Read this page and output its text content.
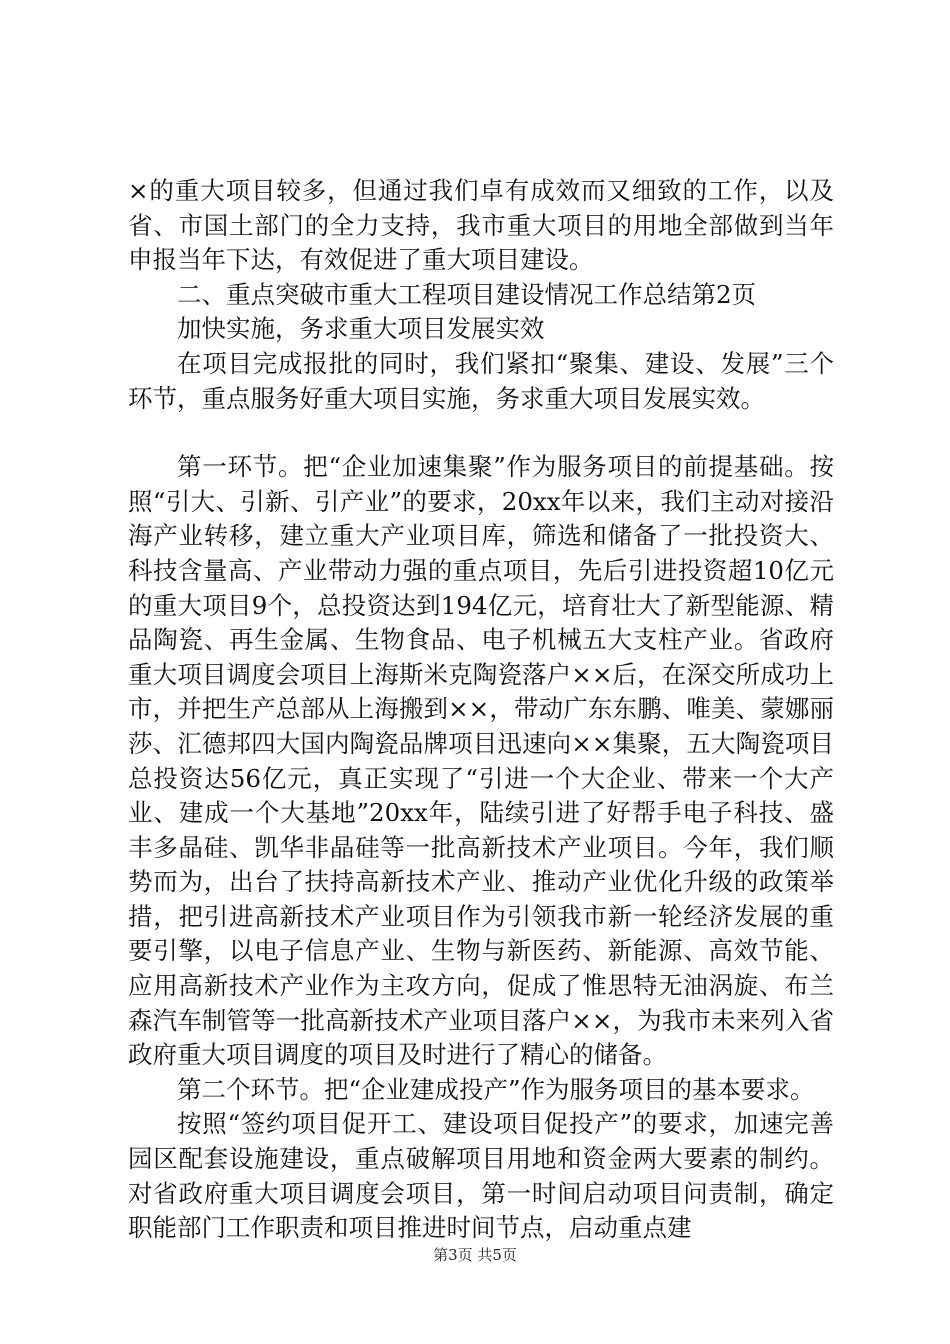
×的重大项目较多，但通过我们卓有成效而又细致的工作，以及省、市国土部门的全力支持，我市重大项目的用地全部做到当年申报当年下达，有效促进了重大项目建设。

二、重点突破市重大工程项目建设情况工作总结第2页

加快实施，务求重大项目发展实效

在项目完成报批的同时，我们紧扣“聚集、建设、发展”三个环节，重点服务好重大项目实施，务求重大项目发展实效。

第一环节。把“企业加速集聚”作为服务项目的前提基础。按照“引大、引新、引产业”的要求，20xx年以来，我们主动对接沿海产业转移，建立重大产业项目库，筛选和储备了一批投资大、科技含量高、产业带动力强的重点项目，先后引进投资超10亿元的重大项目9个，总投资达到194亿元，培育壮大了新型能源、精品陶瓷、再生金属、生物食品、电子机械五大支柱产业。省政府重大项目调度会项目上海斯米克陶瓷落户××后，在深交所成功上市，并把生产总部从上海搬到××，带动广东东鹏、唯美、蒙娜丽莎、汇德邦四大国内陶瓷品牌项目迅速向××集聚，五大陶瓷项目总投资达56亿元，真正实现了“引进一个大企业、带来一个大产业、建成一个大基地”20xx年，陆续引进了好帮手电子科技、盛丰多晶硅、凯华非晶硅等一批高新技术产业项目。今年，我们顺势而为，出台了扶持高新技术产业、推动产业优化升级的政策举措，把引进高新技术产业项目作为引领我市新一轮经济发展的重要引擎，以电子信息产业、生物与新医药、新能源、高效节能、应用高新技术产业作为主攻方向，促成了惟思特无油涡旋、布兰森汽车制管等一批高新技术产业项目落户××，为我市未来列入省政府重大项目调度的项目及时进行了精心的储备。

第二个环节。把“企业建成投产”作为服务项目的基本要求。

按照“签约项目促开工、建设项目促投产”的要求，加速完善园区配套设施建设，重点破解项目用地和资金两大要素的制约。对省政府重大项目调度会项目，第一时间启动项目问责制，确定职能部门工作职责和项目推进时间节点，启动重点建

第3页 共5页
